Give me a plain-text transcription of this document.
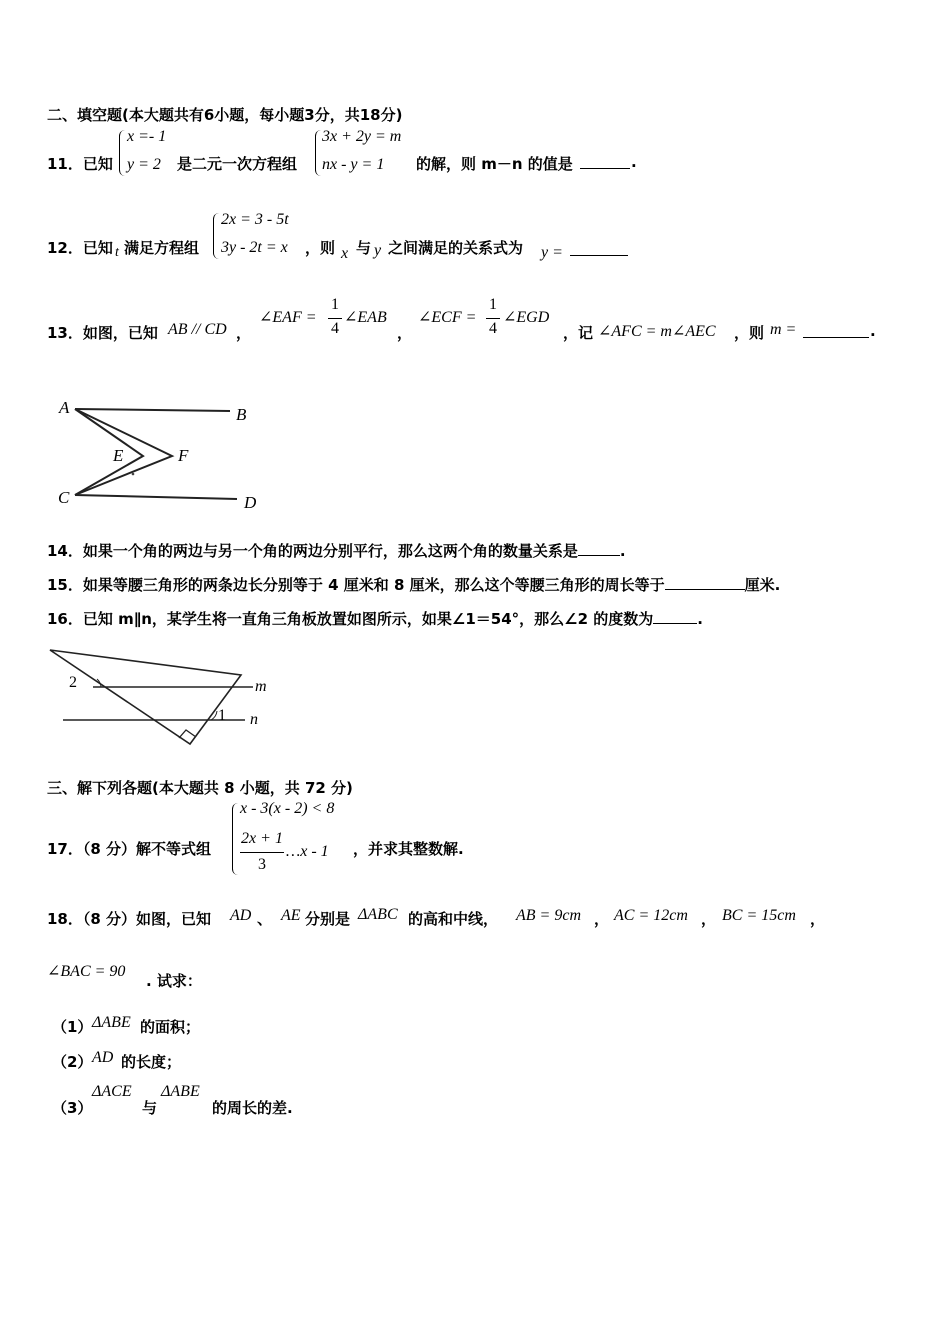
二、填空题(本大题共有6小题，每小题3分，共18分)
11．已知
x =- 1
y = 2 是二元一次方程组
3x + 2y = m
nx - y = 1 的解，则 m－n 的值是	.
12．已知 t 满足方程组
2x = 3 - 5t
3y - 2t = x ，则 x 与 y 之间满足的关系式为 y =
13．如图，已知 AB // CD ，
∠EAF =
1
4
∠EAB
，
∠ECF =
1
4
∠EGD
，记 ∠AFC = m∠AEC ，则 m =	.
A	B
C	D
E	F
14．如果一个角的两边与另一个角的两边分别平行，那么这两个角的数量关系是	.
15．如果等腰三角形的两条边长分别等于 4 厘米和 8 厘米，那么这个等腰三角形的周长等于	厘米.
16．已知 m∥n，某学生将一直角三角板放置如图所示，如果∠1＝54°，那么∠2 的度数为	.
2
1
m
n
三、解下列各题(本大题共 8 小题，共 72 分)
17．（8 分）解不等式组
x - 3(x - 2) < 8
2x + 1
3
…x - 1 ，并求其整数解.
18．（8 分）如图，已知 AD 、 AE 分别是 ΔABC 的高和中线， AB = 9cm ， AC = 12cm ， BC = 15cm ，
∠BAC = 90
. 试求：
（1） ΔABE 的面积；
（2） AD 的长度；
（3）
ΔACE
与
ΔABE
的周长的差.
